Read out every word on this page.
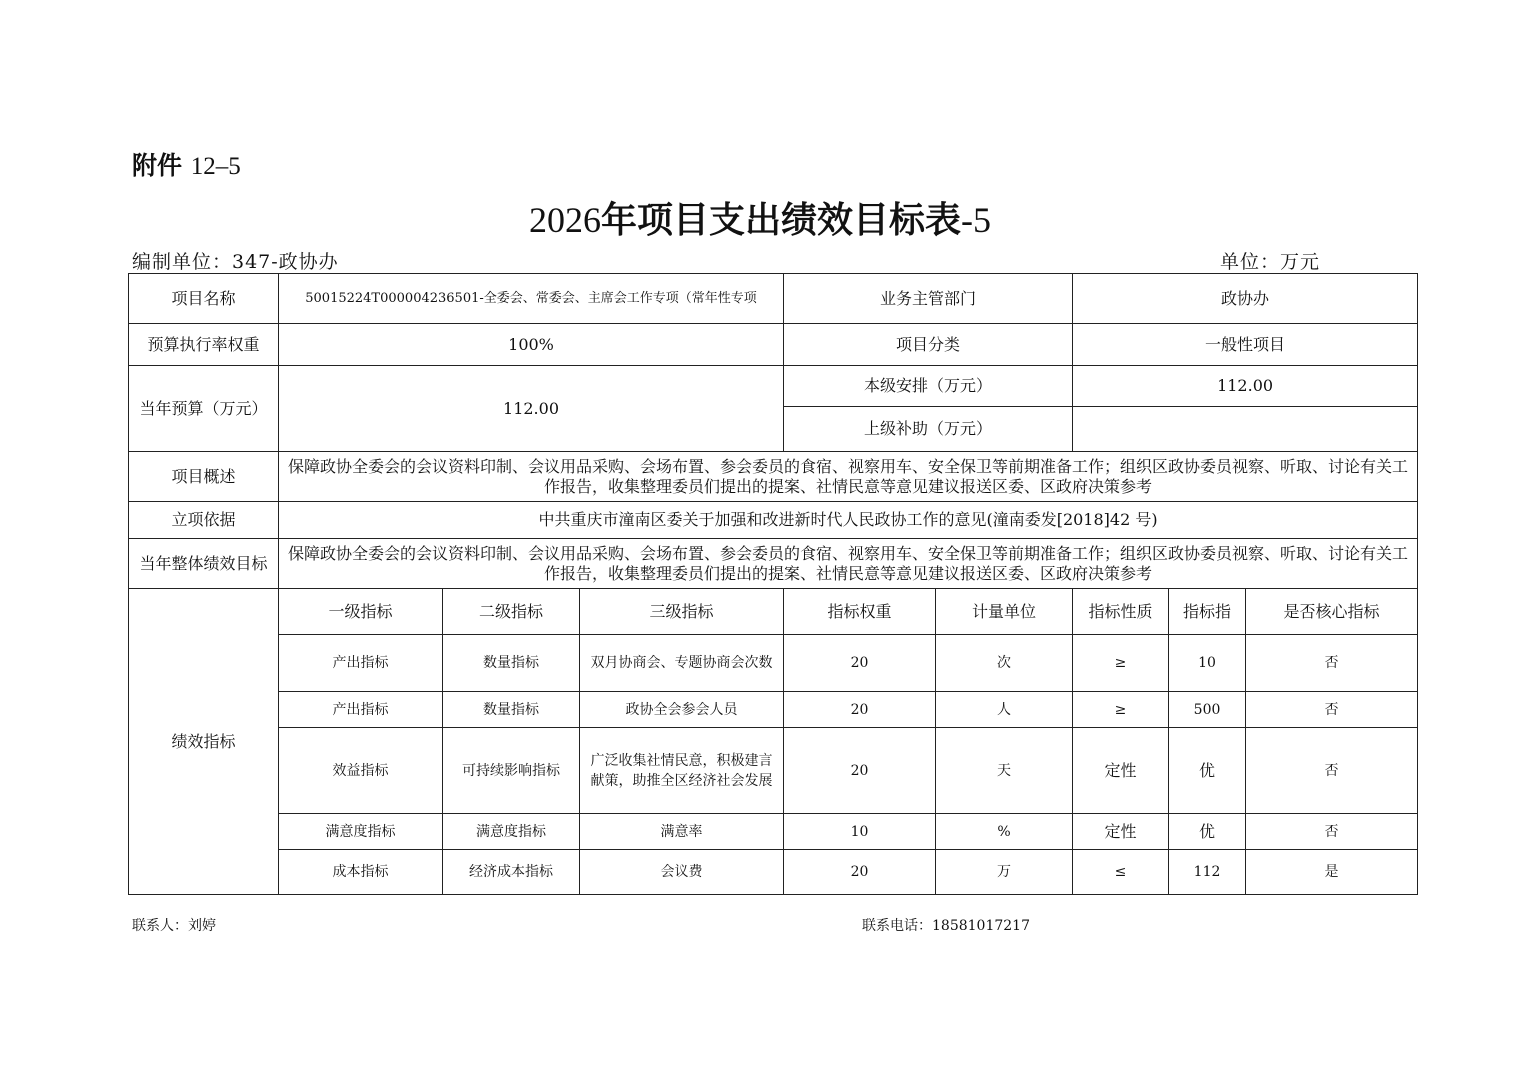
附件 12–5
2026年项目支出绩效目标表-5
编制单位：347-政协办	单位：万元
项目名称	50015224T000004236501-全委会、常委会、主席会工作专项（常年性专项			业务主管部门		政协办		
预算执行率权重	100%			项目分类		一般性项目		
当年预算（万元）	112.00			本级安排（万元）		112.00		
				上级补助（万元）				
项目概述	保障政协全委会的会议资料印制、会议用品采购、会场布置、参会委员的食宿、视察用车、安全保卫等前期准备工作；组织区政协委员视察、听取、讨论有关工作报告，收集整理委员们提出的提案、社情民意等意见建议报送区委、区政府决策参考							
立项依据	中共重庆市潼南区委关于加强和改进新时代人民政协工作的意见(潼南委发[2018]42 号)							
当年整体绩效目标	保障政协全委会的会议资料印制、会议用品采购、会场布置、参会委员的食宿、视察用车、安全保卫等前期准备工作；组织区政协委员视察、听取、讨论有关工作报告，收集整理委员们提出的提案、社情民意等意见建议报送区委、区政府决策参考							
绩效指标	一级指标	二级指标	三级指标	指标权重	计量单位	指标性质	指标指	是否核心指标
	产出指标	数量指标	双月协商会、专题协商会次数	20	次	≥	10	否
	产出指标	数量指标	政协全会参会人员	20	人	≥	500	否
	效益指标	可持续影响指标	广泛收集社情民意，积极建言献策，助推全区经济社会发展	20	天	定性	优	否
	满意度指标	满意度指标	满意率	10	%	定性	优	否
	成本指标	经济成本指标	会议费	20	万	≤	112	是
联系人：刘婷	联系电话：18581017217
